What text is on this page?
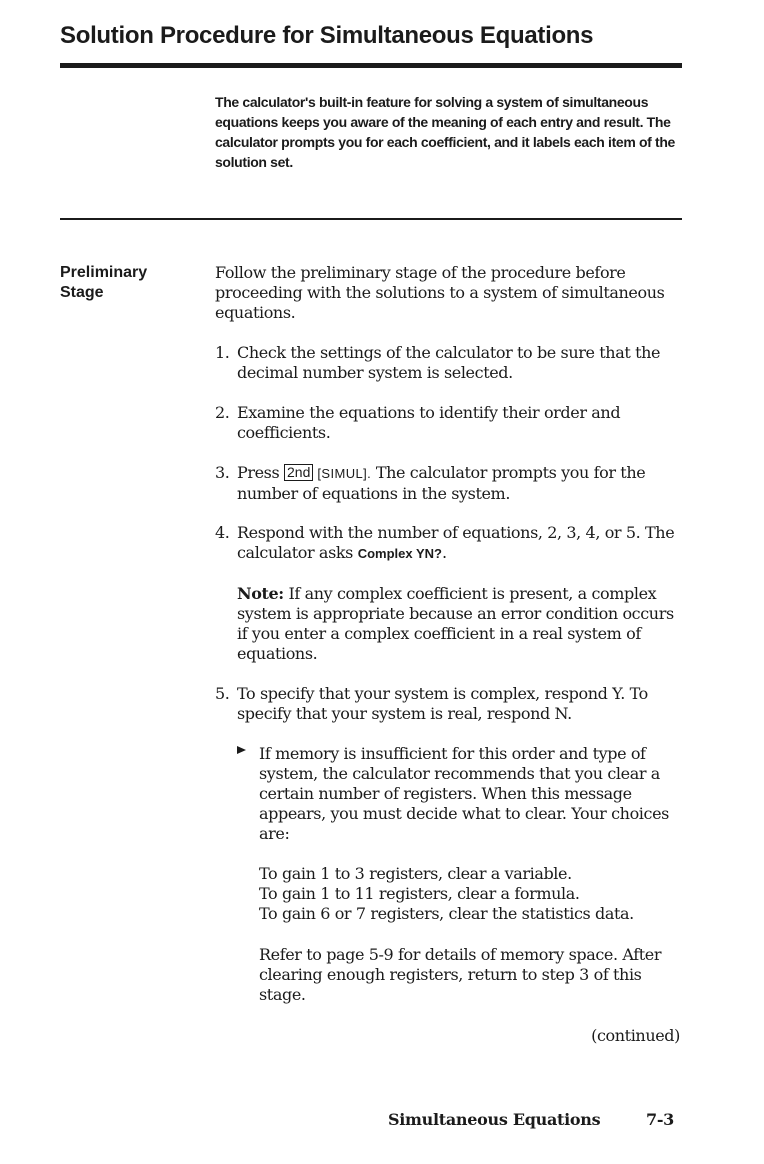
Solution Procedure for Simultaneous Equations

The calculator's built-in feature for solving a system of simultaneous equations keeps you aware of the meaning of each entry and result. The calculator prompts you for each coefficient, and it labels each item of the solution set.

Preliminary
Stage

Follow the preliminary stage of the procedure before proceeding with the solutions to a system of simultaneous equations.

1. Check the settings of the calculator to be sure that the decimal number system is selected.
2. Examine the equations to identify their order and coefficients.
3. Press 2nd [SIMUL]. The calculator prompts you for the number of equations in the system.
4. Respond with the number of equations, 2, 3, 4, or 5. The calculator asks Complex YN?.

Note: If any complex coefficient is present, a complex system is appropriate because an error condition occurs if you enter a complex coefficient in a real system of equations.

5. To specify that your system is complex, respond Y. To specify that your system is real, respond N.

If memory is insufficient for this order and type of system, the calculator recommends that you clear a certain number of registers. When this message appears, you must decide what to clear. Your choices are:

To gain 1 to 3 registers, clear a variable.
To gain 1 to 11 registers, clear a formula.
To gain 6 or 7 registers, clear the statistics data.

Refer to page 5-9 for details of memory space. After clearing enough registers, return to step 3 of this stage.

(continued)

Simultaneous Equations	7-3
